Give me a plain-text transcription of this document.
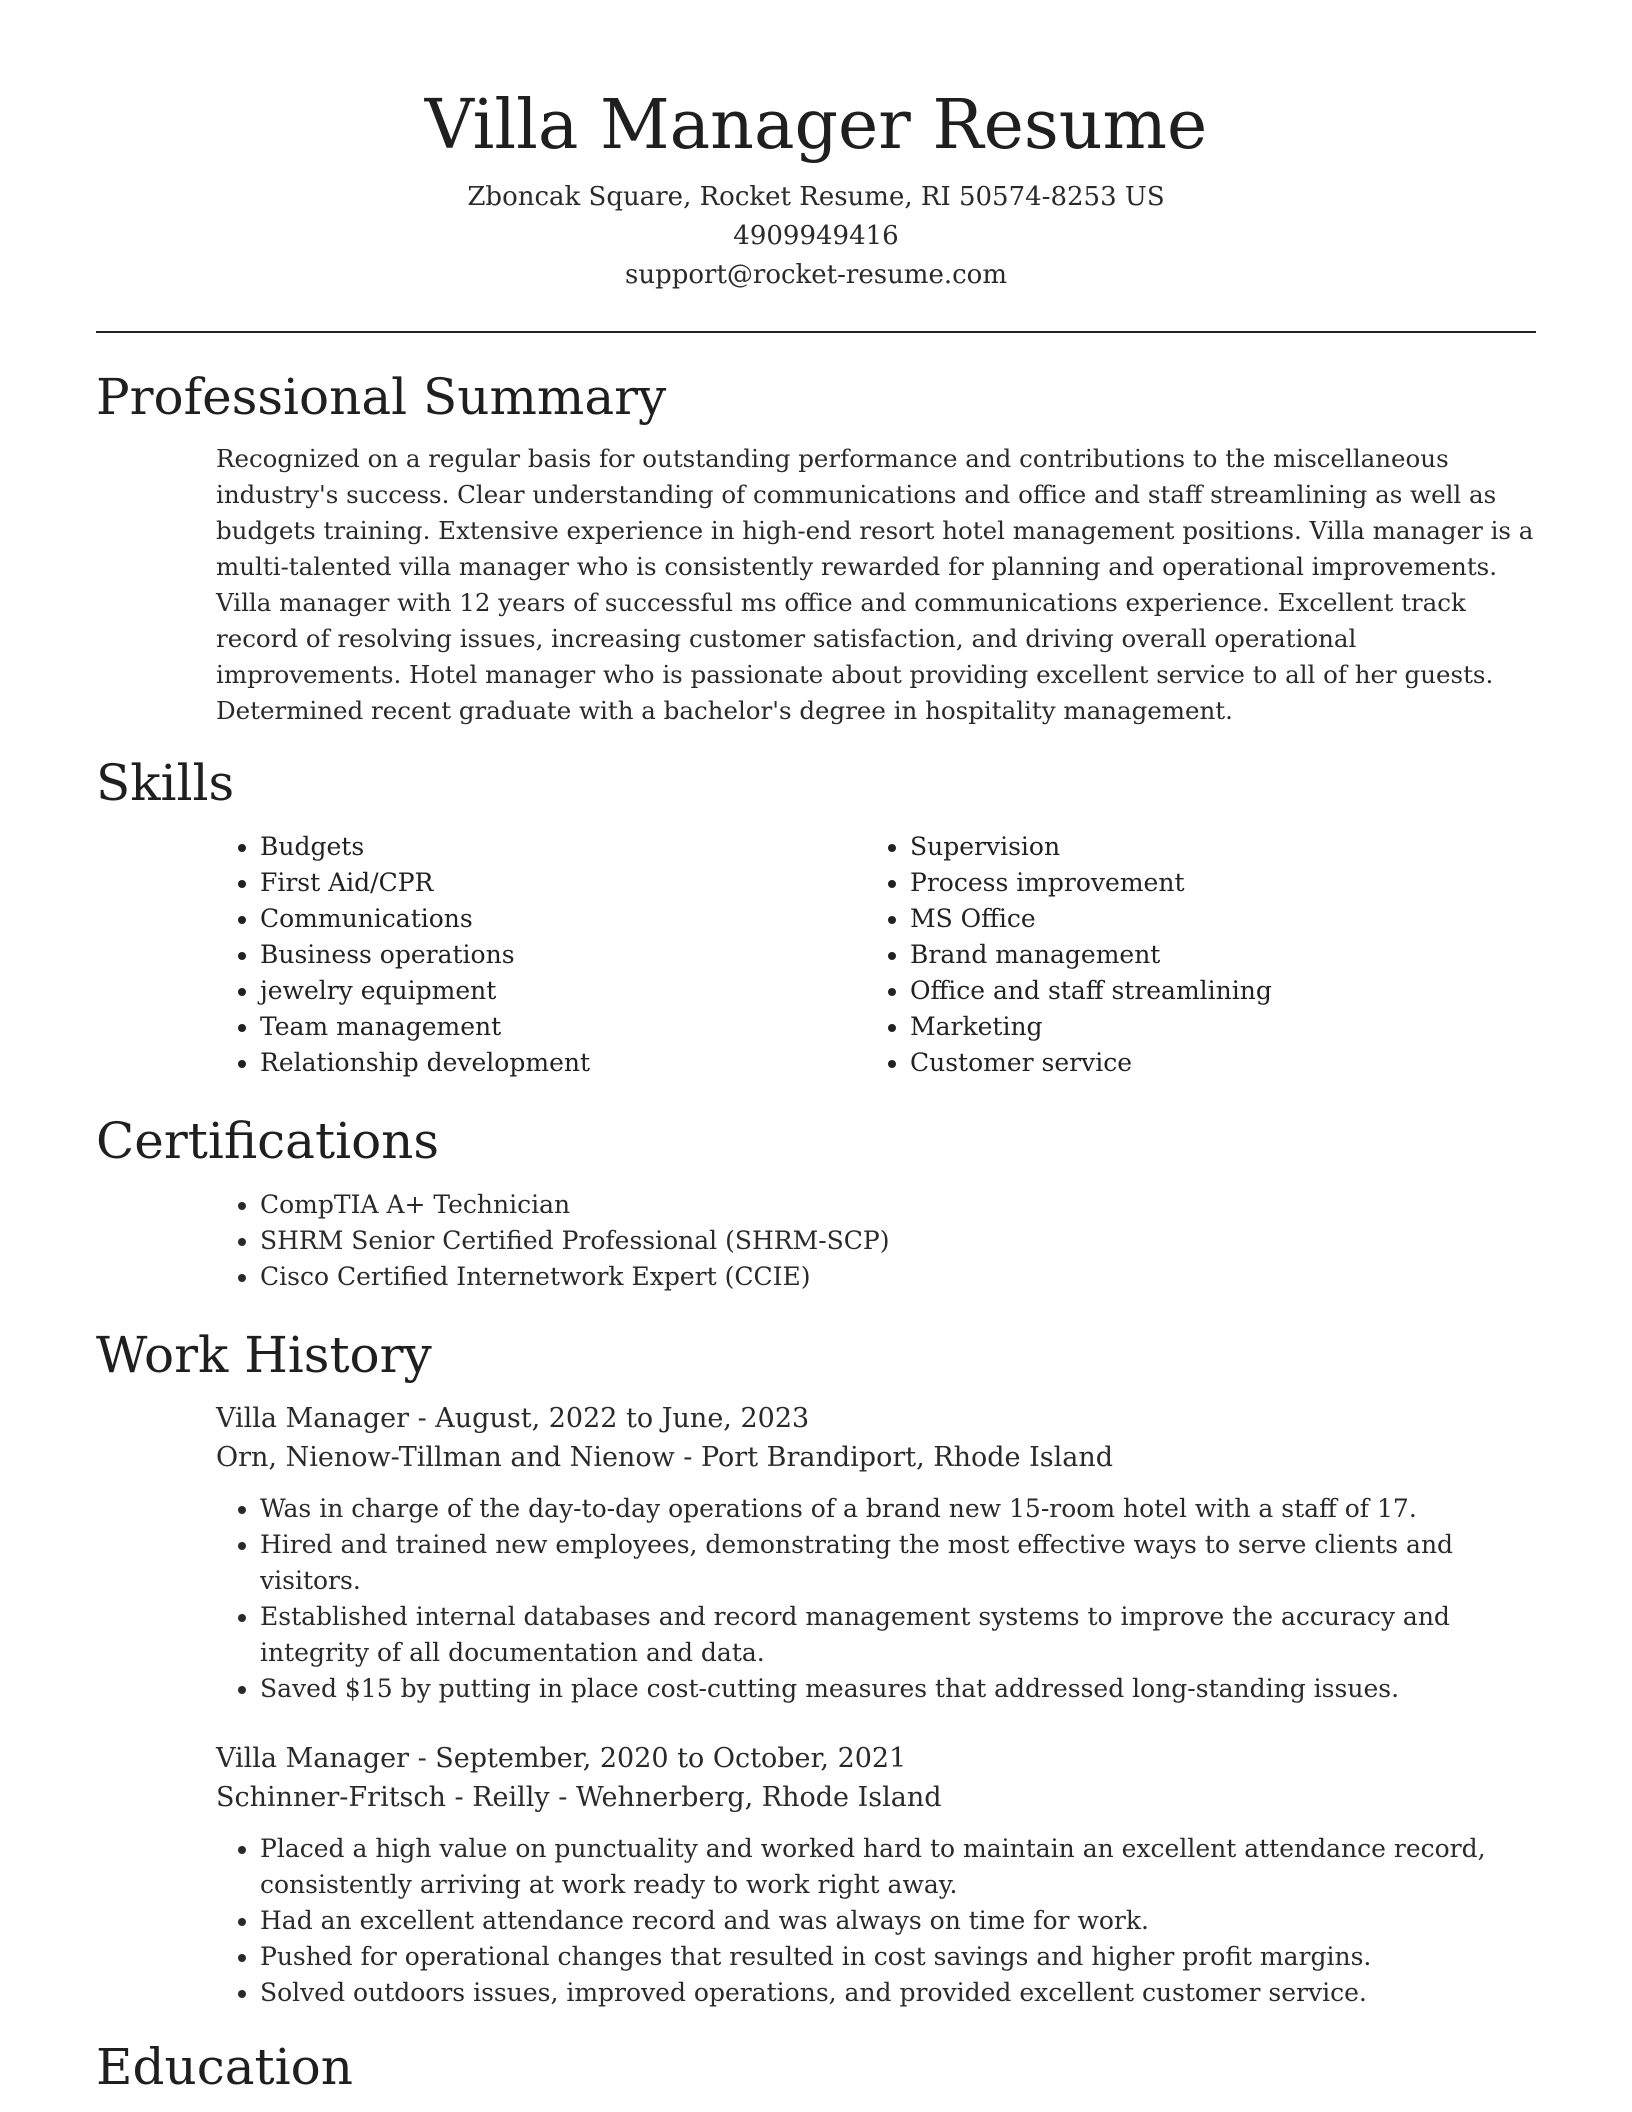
Villa Manager Resume
Zboncak Square, Rocket Resume, RI 50574-8253 US
4909949416
support@rocket-resume.com
Professional Summary
Recognized on a regular basis for outstanding performance and contributions to the miscellaneous industry's success. Clear understanding of communications and office and staff streamlining as well as budgets training. Extensive experience in high-end resort hotel management positions. Villa manager is a multi-talented villa manager who is consistently rewarded for planning and operational improvements. Villa manager with 12 years of successful ms office and communications experience. Excellent track record of resolving issues, increasing customer satisfaction, and driving overall operational improvements. Hotel manager who is passionate about providing excellent service to all of her guests. Determined recent graduate with a bachelor's degree in hospitality management.
Skills
• Budgets
• First Aid/CPR
• Communications
• Business operations
• jewelry equipment
• Team management
• Relationship development
• Supervision
• Process improvement
• MS Office
• Brand management
• Office and staff streamlining
• Marketing
• Customer service
Certifications
• CompTIA A+ Technician
• SHRM Senior Certified Professional (SHRM-SCP)
• Cisco Certified Internetwork Expert (CCIE)
Work History
Villa Manager - August, 2022 to June, 2023
Orn, Nienow-Tillman and Nienow - Port Brandiport, Rhode Island
• Was in charge of the day-to-day operations of a brand new 15-room hotel with a staff of 17.
• Hired and trained new employees, demonstrating the most effective ways to serve clients and visitors.
• Established internal databases and record management systems to improve the accuracy and integrity of all documentation and data.
• Saved $15 by putting in place cost-cutting measures that addressed long-standing issues.
Villa Manager - September, 2020 to October, 2021
Schinner-Fritsch - Reilly - Wehnerberg, Rhode Island
• Placed a high value on punctuality and worked hard to maintain an excellent attendance record, consistently arriving at work ready to work right away.
• Had an excellent attendance record and was always on time for work.
• Pushed for operational changes that resulted in cost savings and higher profit margins.
• Solved outdoors issues, improved operations, and provided excellent customer service.
Education
